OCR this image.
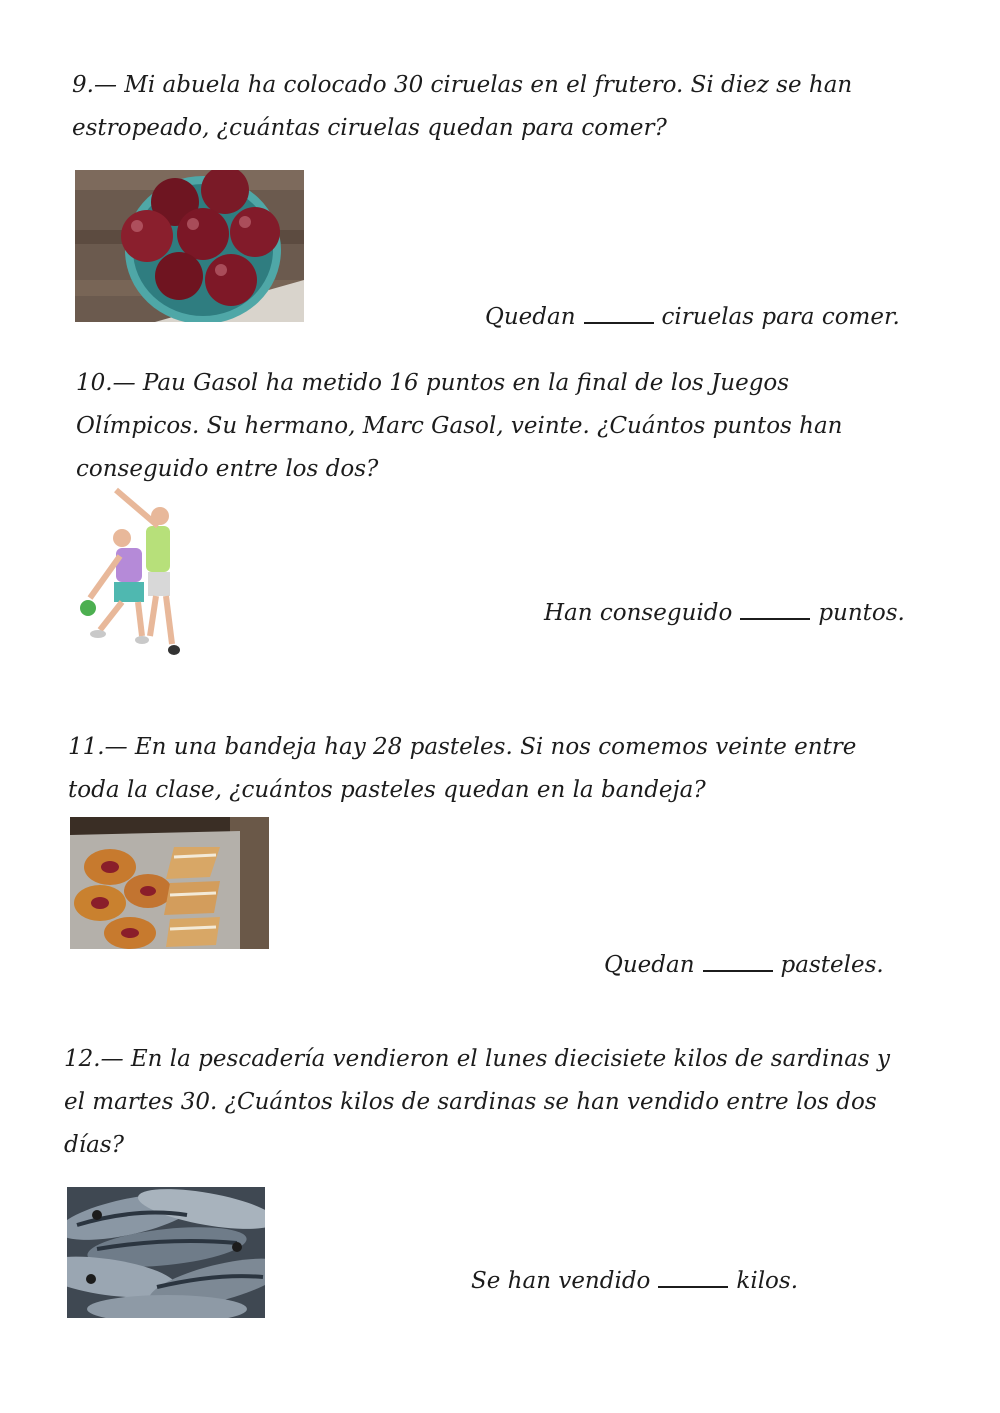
9.— Mi abuela ha colocado 30 ciruelas en el frutero. Si diez se han estropeado, ¿cuántas ciruelas quedan para comer?
Quedan	ciruelas para comer.
10.— Pau Gasol ha metido 16 puntos en la final de los Juegos Olímpicos. Su hermano, Marc Gasol, veinte. ¿Cuántos puntos han conseguido entre los dos?
Han conseguido	puntos.
11.— En una bandeja hay 28 pasteles. Si nos comemos veinte entre toda la clase, ¿cuántos pasteles quedan en la bandeja?
Quedan	pasteles.
12.— En la pescadería vendieron el lunes diecisiete kilos de sardinas y el martes 30. ¿Cuántos kilos de sardinas se han vendido entre los dos días?
Se han vendido	kilos.
